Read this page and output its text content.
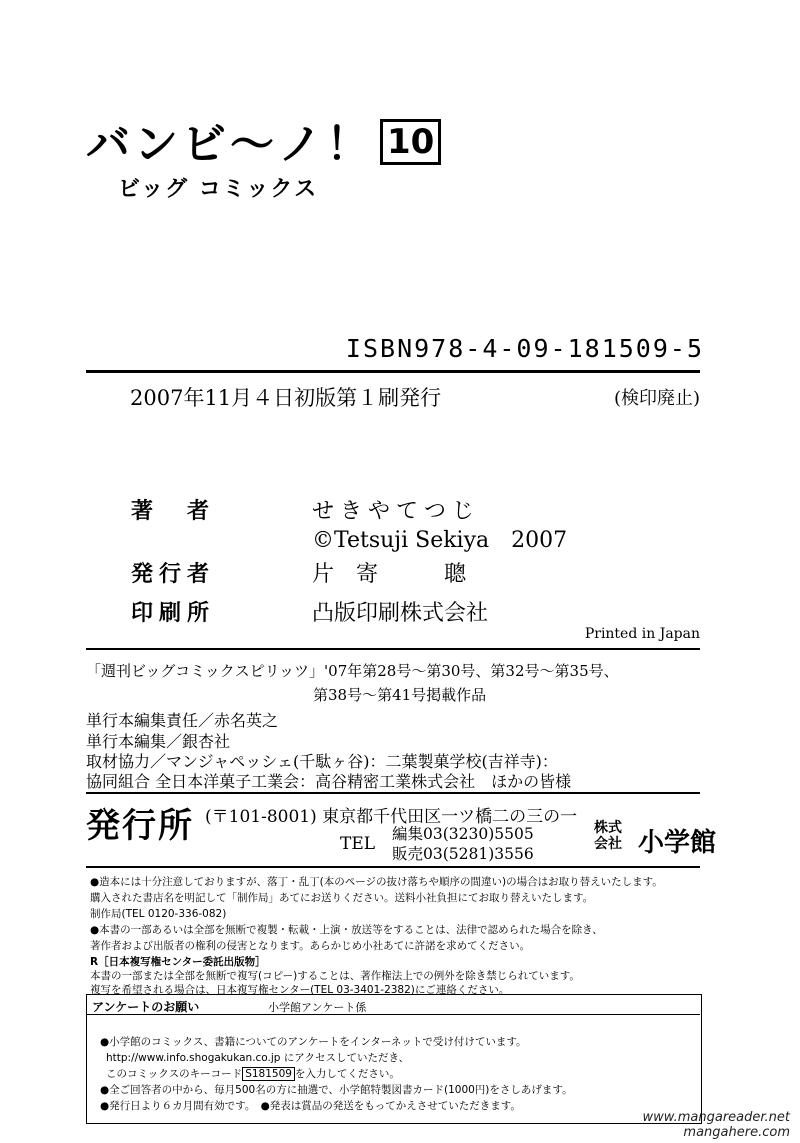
バンビ～ノ！ 10
ビッグ コミックス
ISBN978-4-09-181509-5
2007年11月４日初版第１刷発行	(検印廃止)
著　者	せきやてつじ
©Tetsuji Sekiya　2007
発行者	片　寄　　　聰
印刷所	凸版印刷株式会社
Printed in Japan
「週刊ビッグコミックスピリッツ」'07年第28号～第30号、第32号～第35号、
第38号～第41号掲載作品
単行本編集責任／赤名英之
単行本編集／銀杏社
取材協力／マンジャペッシェ(千駄ヶ谷)：二葉製菓学校(吉祥寺)：
協同組合 全日本洋菓子工業会：高谷精密工業株式会社　ほかの皆様
発行所 (〒101-8001) 東京都千代田区一ツ橋二の三の一
TEL 編集03(3230)5505
販売03(5281)3556
株式
会社 小学館
●造本には十分注意しておりますが、落丁・乱丁(本のページの抜け落ちや順序の間違い)の場合はお取り替えいたします。
購入された書店名を明記して「制作局」あてにお送りください。送料小社負担にてお取り替えいたします。
制作局(TEL 0120-336-082)
●本書の一部あるいは全部を無断で複製・転載・上演・放送等をすることは、法律で認められた場合を除き、
著作者および出版者の権利の侵害となります。あらかじめ小社あてに許諾を求めてください。
R［日本複写権センター委託出版物］
本書の一部または全部を無断で複写(コピー)することは、著作権法上での例外を除き禁じられています。
複写を希望される場合は、日本複写権センター(TEL 03-3401-2382)にご連絡ください。
アンケートのお願い	小学館アンケート係
●小学館のコミックス、書籍についてのアンケートをインターネットで受け付けています。
http://www.info.shogakukan.co.jp にアクセスしていただき、
このコミックスのキーコード S181509 を入力してください。
●全ご回答者の中から、毎月500名の方に抽選で、小学館特製図書カード(1000円)をさしあげます。
●発行日より６カ月間有効です。　●発表は賞品の発送をもってかえさせていただきます。
www.mangareader.net
mangahere.com
